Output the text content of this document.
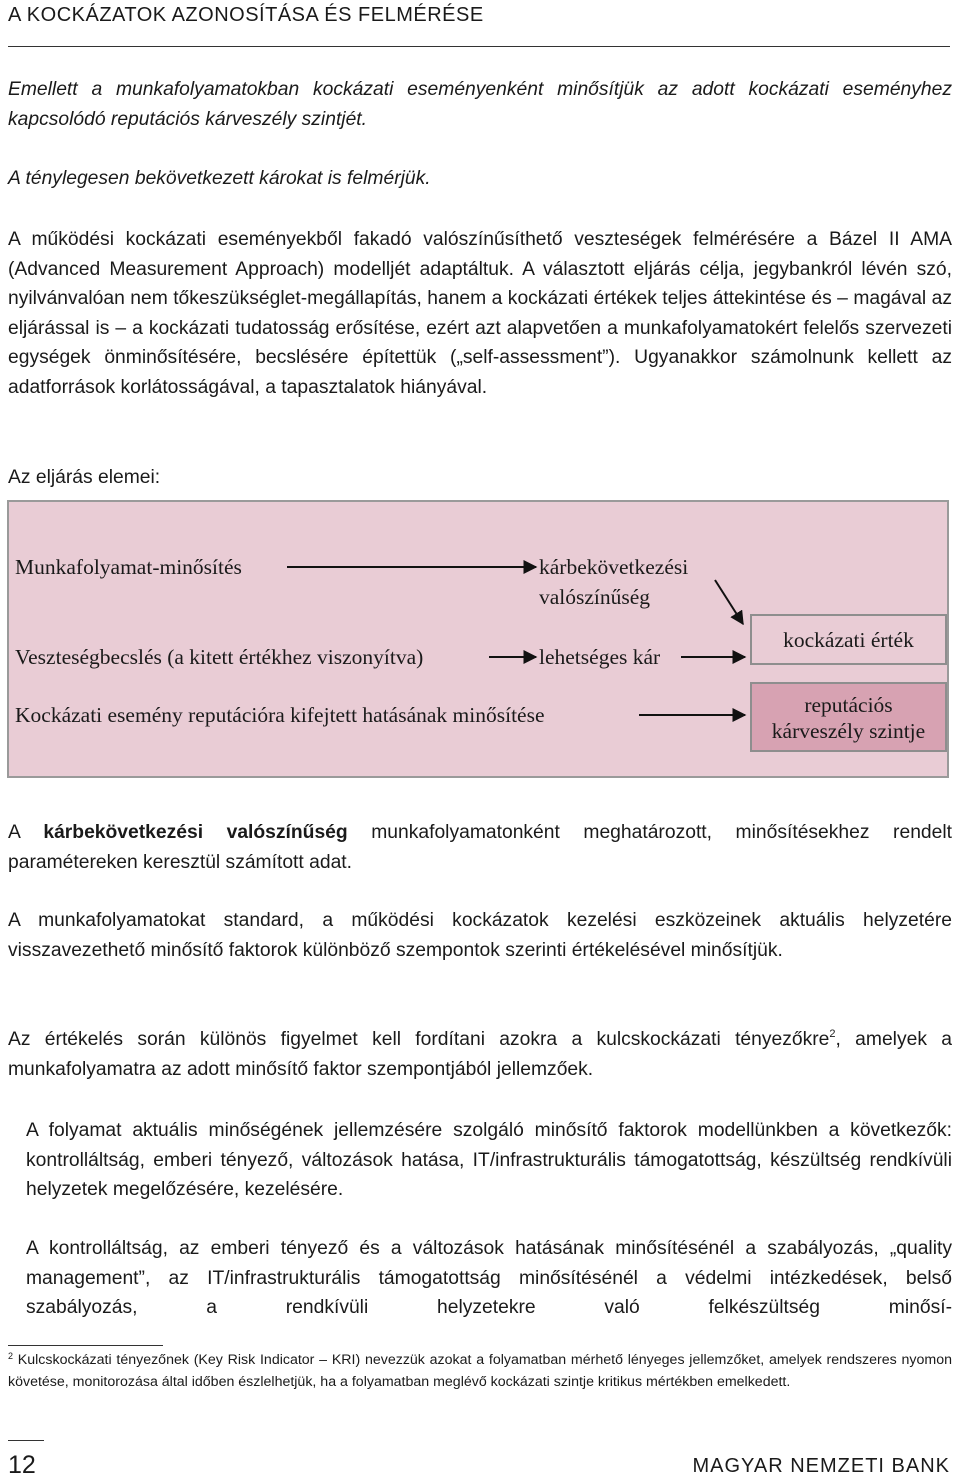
A KOCKÁZATOK AZONOSÍTÁSA ÉS FELMÉRÉSE

Emellett a munkafolyamatokban kockázati eseményenként minősítjük az adott kockázati eseményhez kapcsolódó reputációs kárveszély szintjét.

A ténylegesen bekövetkezett károkat is felmérjük.

A működési kockázati eseményekből fakadó valószínűsíthető veszteségek felmérésére a Bázel II AMA (Advanced Measurement Approach) modelljét adaptáltuk. A választott eljárás célja, jegybankról lévén szó, nyilvánvalóan nem tőkeszükséglet-megállapítás, hanem a kockázati értékek teljes áttekintése és – magával az eljárással is – a kockázati tudatosság erősítése, ezért azt alapvetően a munkafolyamatokért felelős szervezeti egységek önminősítésére, becslésére építettük („self-assessment”). Ugyanakkor számolnunk kellett az adatforrások korlátosságával, a tapasztalatok hiányával.

Az eljárás elemei:

Munkafolyamat-minősítés	kárbekövetkezési
valószínűség
Veszteségbecslés (a kitett értékhez viszonyítva)	lehetséges kár
Kockázati esemény reputációra kifejtett hatásának minősítése
kockázati érték
reputációs
kárveszély szintje

A kárbekövetkezési valószínűség munkafolyamatonként meghatározott, minősítésekhez rendelt paramétereken keresztül számított adat.

A munkafolyamatokat standard, a működési kockázatok kezelési eszközeinek aktuális helyzetére visszavezethető minősítő faktorok különböző szempontok szerinti értékelésével minősítjük.

Az értékelés során különös figyelmet kell fordítani azokra a kulcskockázati tényezőkre$^2$, amelyek a munkafolyamatra az adott minősítő faktor szempontjából jellemzőek.

A folyamat aktuális minőségének jellemzésére szolgáló minősítő faktorok modellünkben a következők: kontrolláltság, emberi tényező, változások hatása, IT/infrastrukturális támogatottság, készültség rendkívüli helyzetek megelőzésére, kezelésére.

A kontrolláltság, az emberi tényező és a változások hatásának minősítésénél a szabályozás, „quality management”, az IT/infrastrukturális támogatottság minősítésénél a védelmi intézkedések, belső szabályozás, a rendkívüli helyzetekre való felkészültség minősí-

$^2$ Kulcskockázati tényezőnek (Key Risk Indicator – KRI) nevezzük azokat a folyamatban mérhető lényeges jellemzőket, amelyek rendszeres nyomon követése, monitorozása által időben észlelhetjük, ha a folyamatban meglévő kockázati szintje kritikus mértékben emelkedett.

12	MAGYAR NEMZETI BANK
